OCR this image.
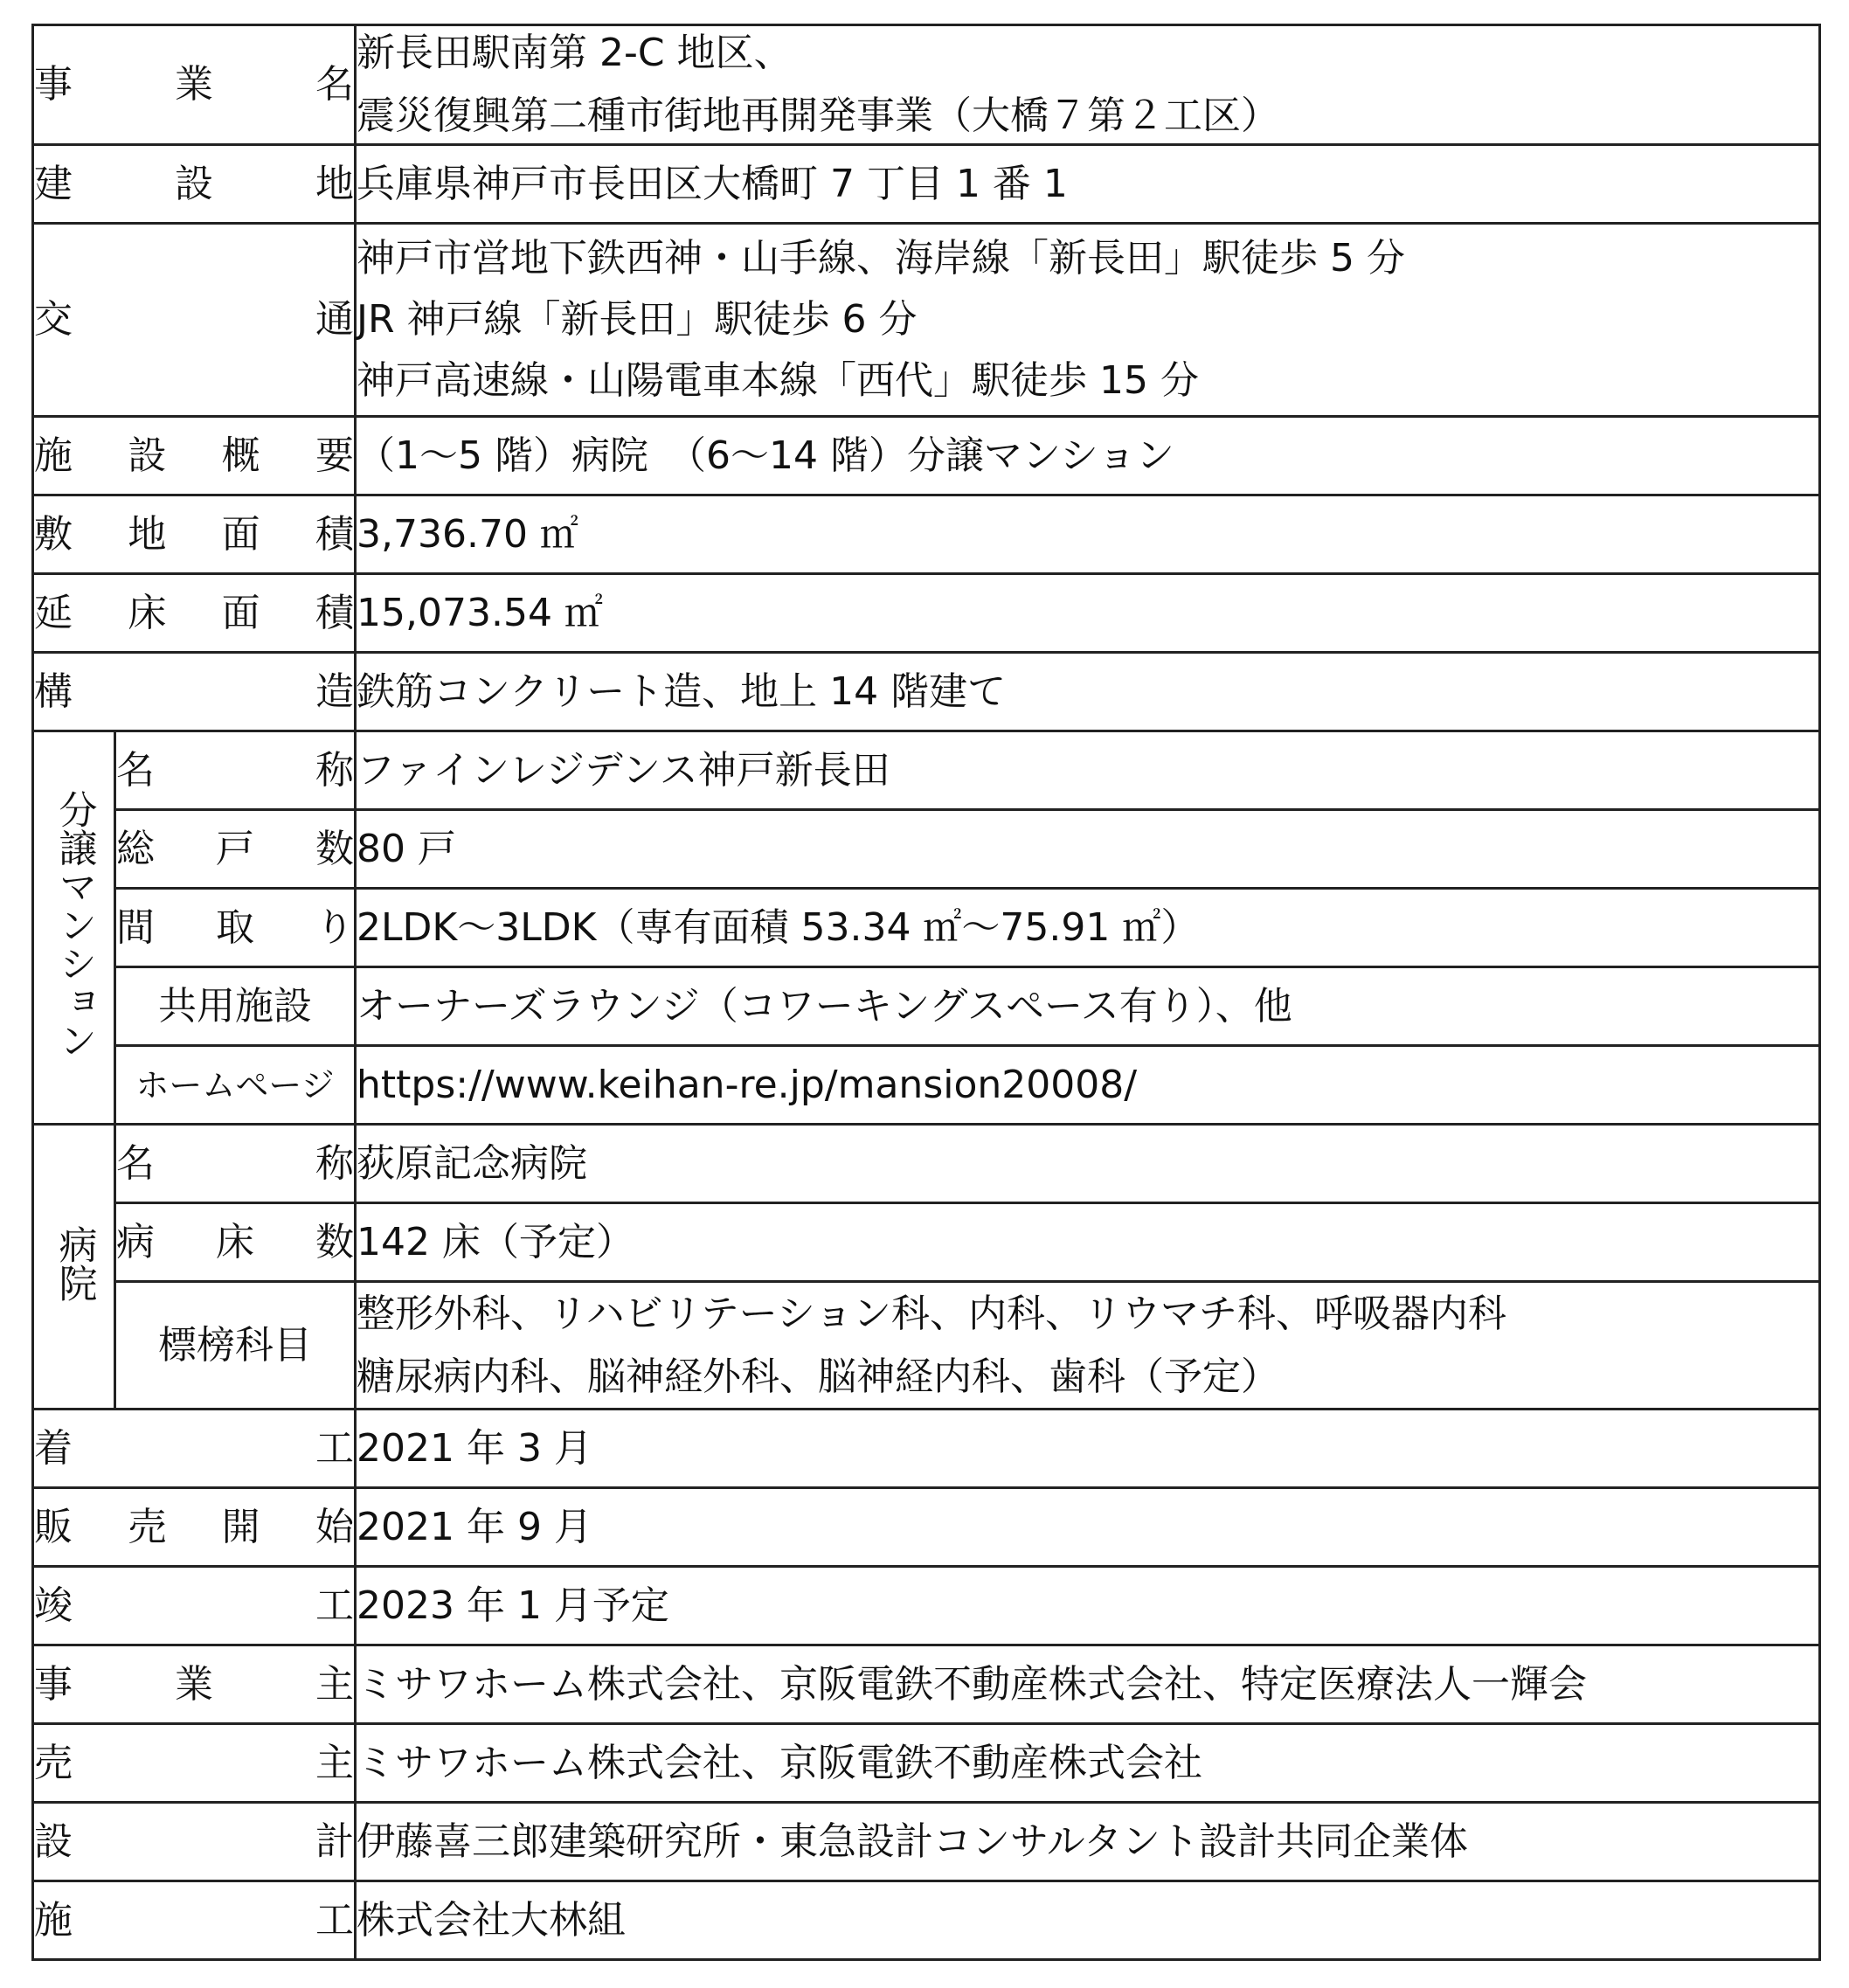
事 業 名		新長田駅南第 2-C 地区、
震災復興第二種市街地再開発事業（大橋７第２工区）

建 設 地		兵庫県神戸市長田区大橋町 7 丁目 1 番 1

交 通		神戸市営地下鉄西神・山手線、海岸線「新長田」駅徒歩 5 分
JR 神戸線「新長田」駅徒歩 6 分
神戸高速線・山陽電車本線「西代」駅徒歩 15 分

施 設 概 要		（1～5 階）病院　（6～14 階）分譲マンション

敷 地 面 積		3,736.70 ㎡

延 床 面 積		15,073.54 ㎡

構 造		鉄筋コンクリート造、地上 14 階建て
分譲マンション	名 称	ファインレジデンス神戸新長田

	総 戸 数	80 戸

	間 取 り	2LDK～3LDK（専有面積 53.34 ㎡～75.91 ㎡）
	共用施設	オーナーズラウンジ（コワーキングスペース有り）、他
	ホームページ	https://www.keihan-re.jp/mansion20008/
病院	名 称	荻原記念病院

	病 床 数	142 床（予定）
	標榜科目	整形外科、リハビリテーション科、内科、リウマチ科、呼吸器内科
糖尿病内科、脳神経外科、脳神経内科、歯科（予定）

着 工		2021 年 3 月

販 売 開 始		2021 年 9 月

竣 工		2023 年 1 月予定

事 業 主		ミサワホーム株式会社、京阪電鉄不動産株式会社、特定医療法人一輝会

売 主		ミサワホーム株式会社、京阪電鉄不動産株式会社

設 計		伊藤喜三郎建築研究所・東急設計コンサルタント設計共同企業体

施 工		株式会社大林組
